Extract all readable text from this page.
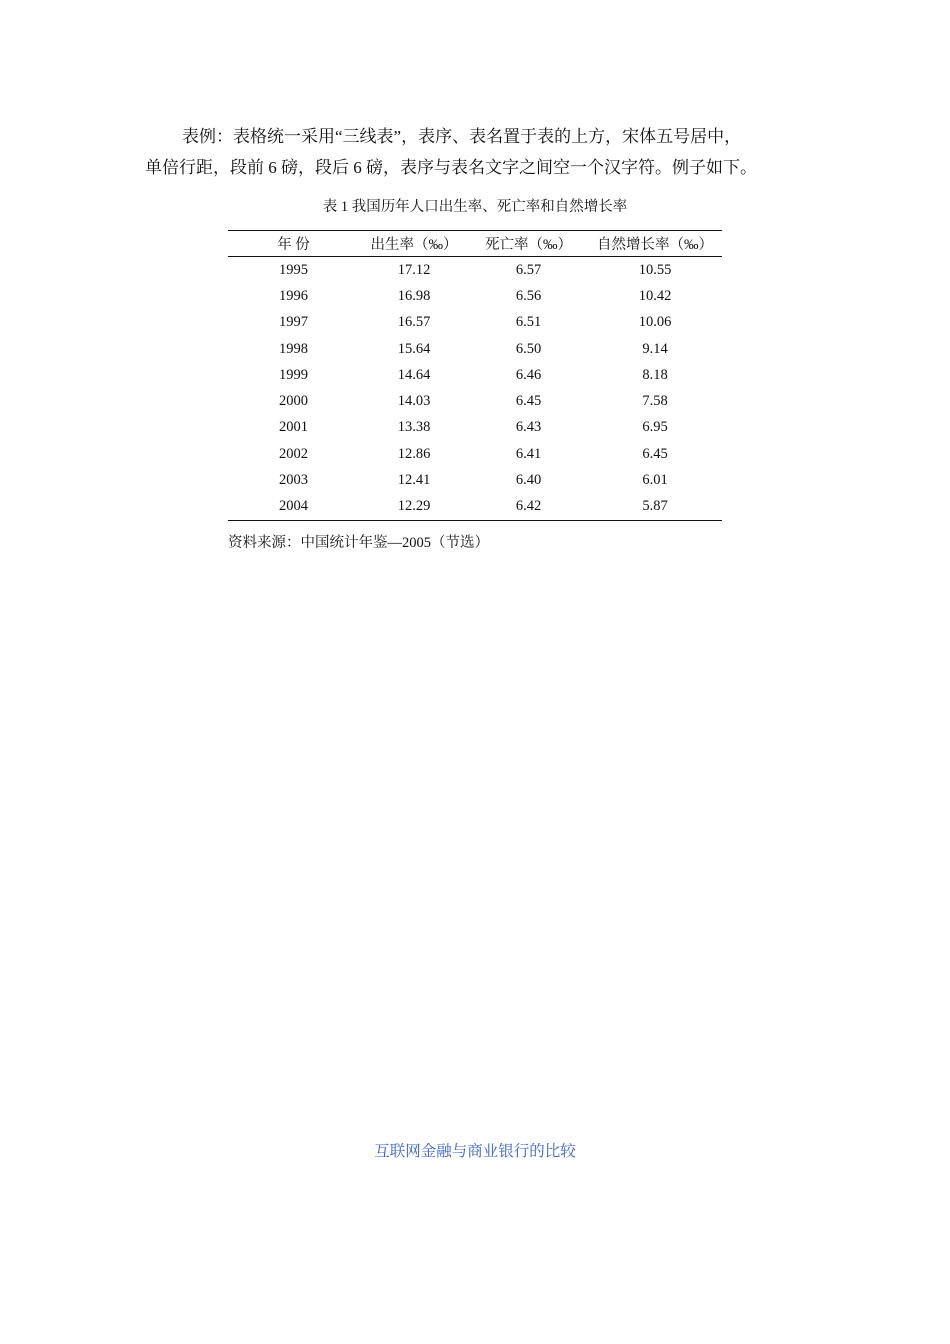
表例：表格统一采用“三线表”，表序、表名置于表的上方，宋体五号居中，

单倍行距，段前 6 磅，段后 6 磅，表序与表名文字之间空一个汉字符。例子如下。

表 1 我国历年人口出生率、死亡率和自然增长率
年 份	出生率（‰）	死亡率（‰）	自然增长率（‰）
1995	17.12	6.57	10.55
1996	16.98	6.56	10.42
1997	16.57	6.51	10.06
1998	15.64	6.50	9.14
1999	14.64	6.46	8.18
2000	14.03	6.45	7.58
2001	13.38	6.43	6.95
2002	12.86	6.41	6.45
2003	12.41	6.40	6.01
2004	12.29	6.42	5.87
资料来源：中国统计年鉴—2005（节选）
互联网金融与商业银行的比较
